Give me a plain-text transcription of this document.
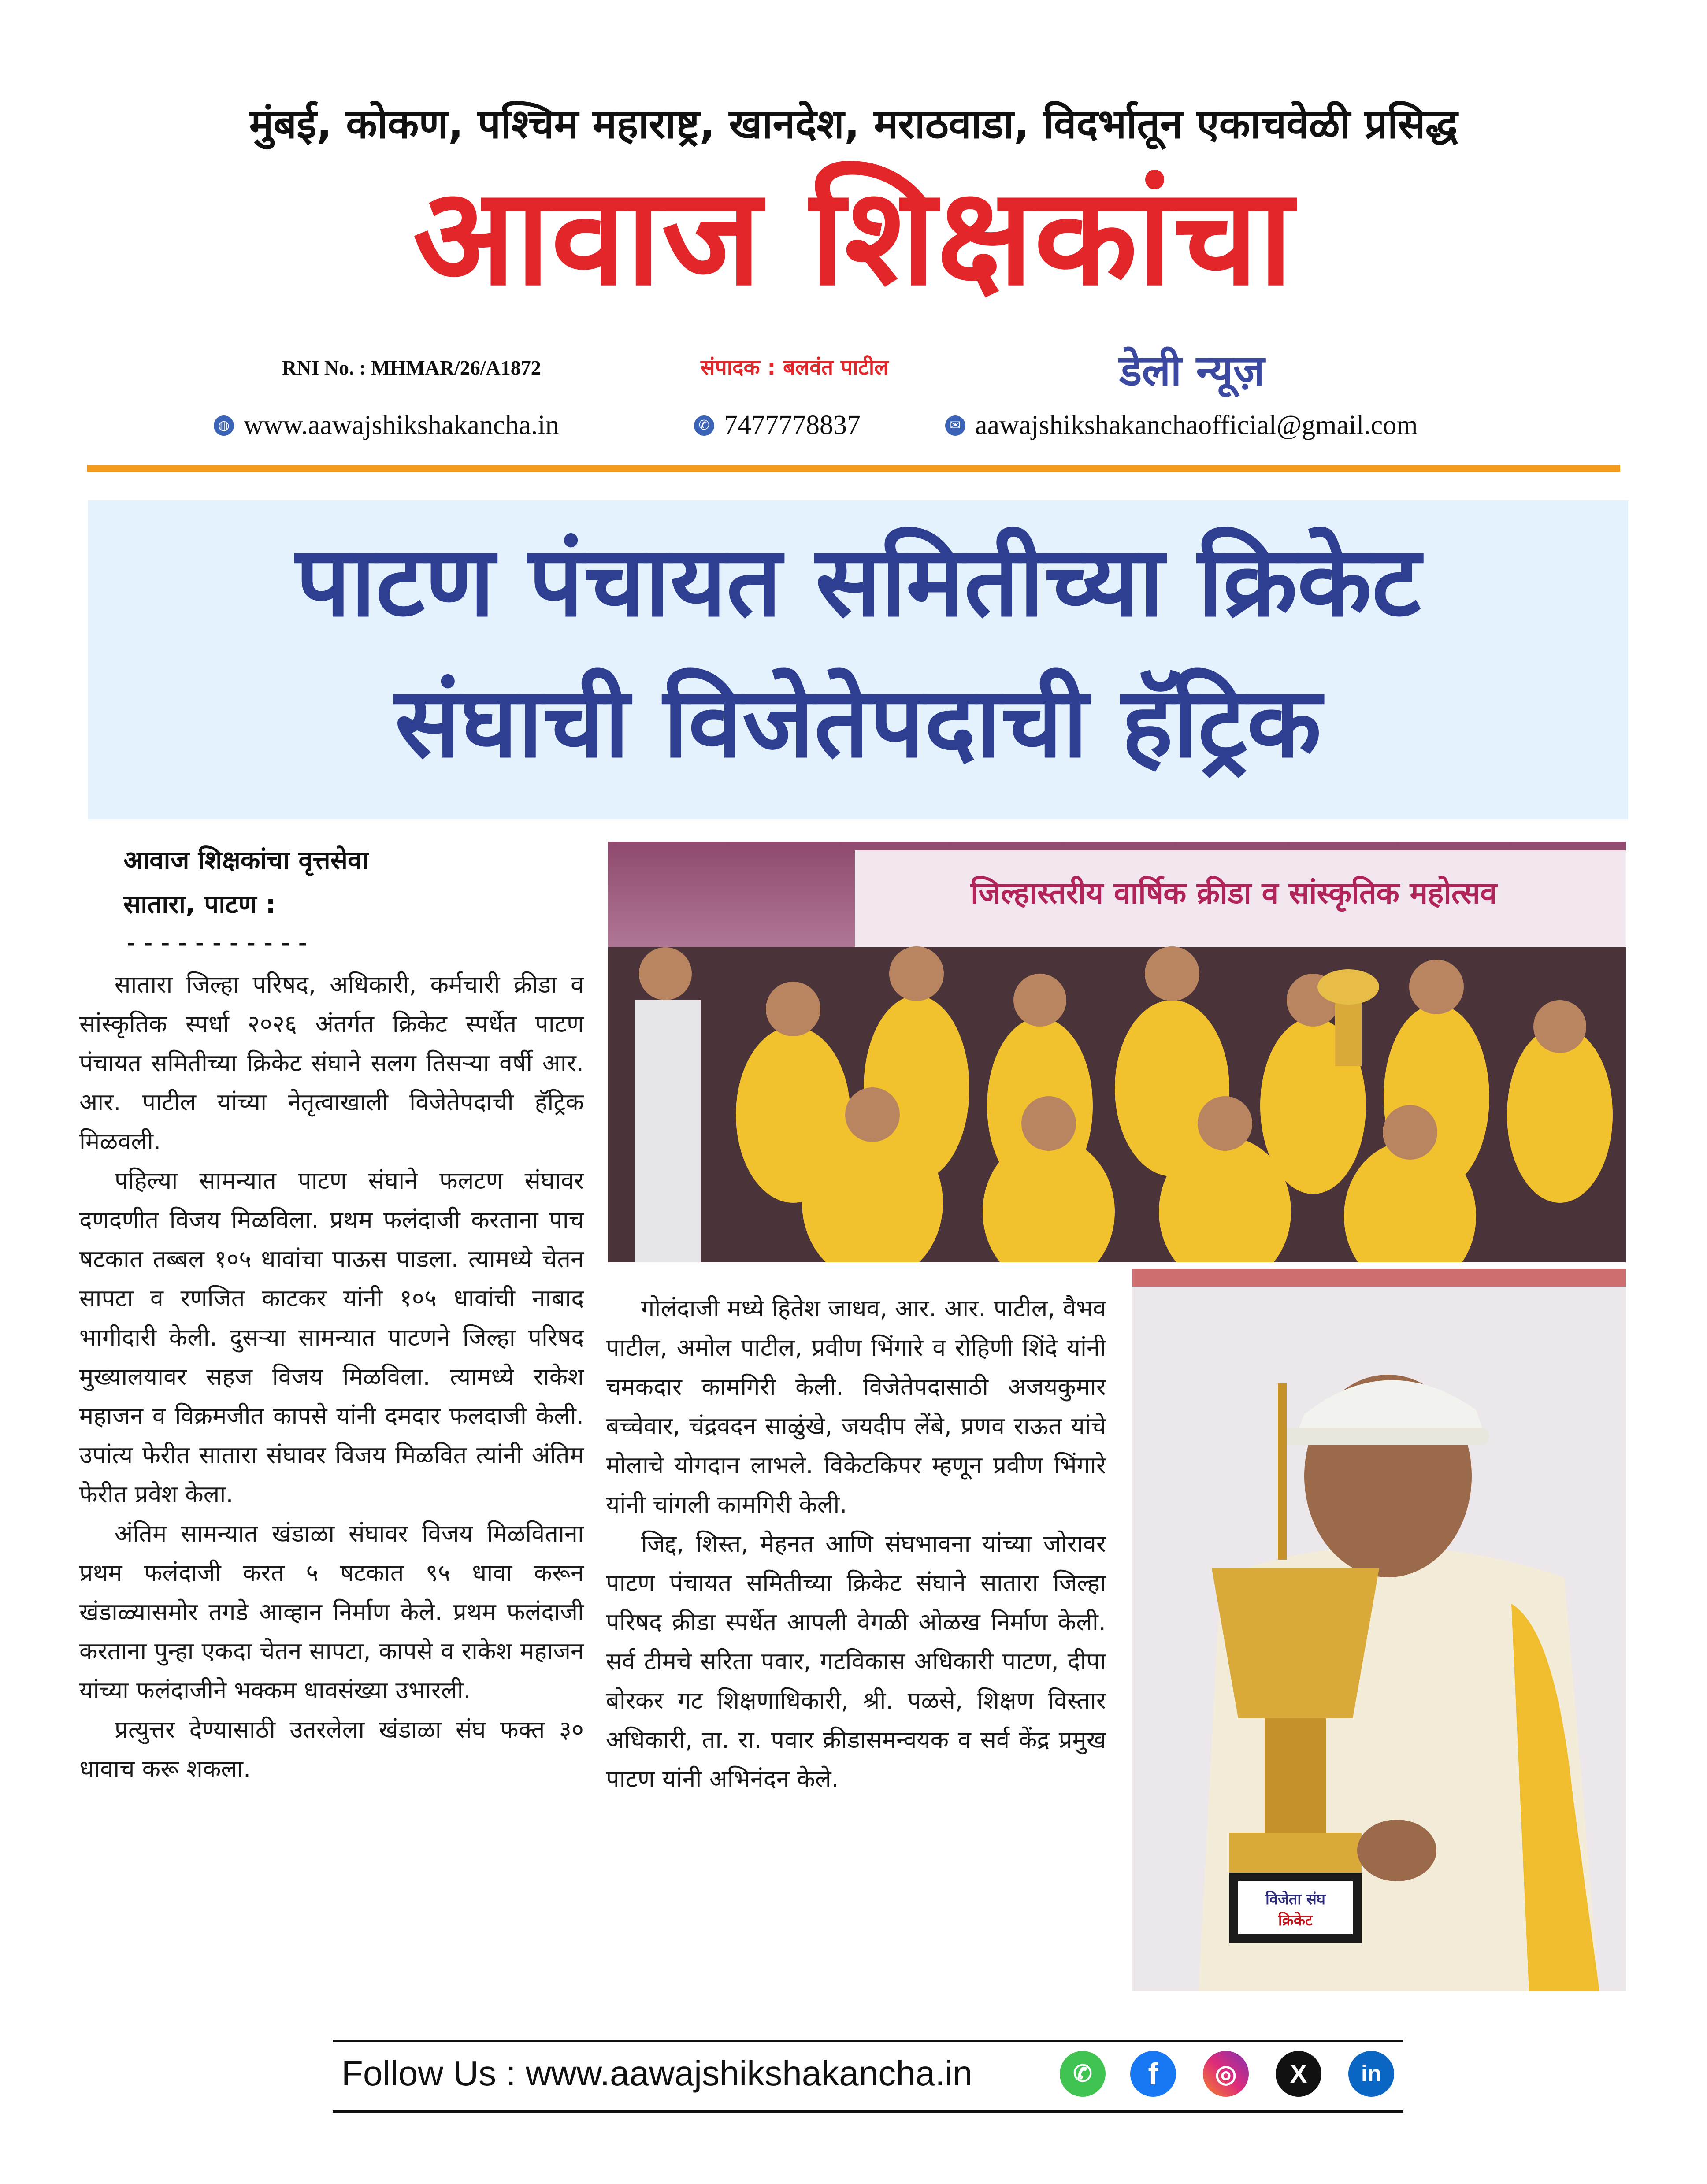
मुंबई, कोकण, पश्चिम महाराष्ट्र, खानदेश, मराठवाडा, विदर्भातून एकाचवेळी प्रसिद्ध
आवाज शिक्षकांचा
RNI No. : MHMAR/26/A1872	संपादक : बलवंत पाटील	डेली न्यूज़
◍ www.aawajshikshakancha.in	✆ 7477778837	✉ aawajshikshakanchaofficial@gmail.com
पाटण पंचायत समितीच्या क्रिकेट
संघाची विजेतेपदाची हॅट्रिक
आवाज शिक्षकांचा वृत्तसेवा
सातारा, पाटण :
-----------

सातारा जिल्हा परिषद, अधिकारी, कर्मचारी क्रीडा व सांस्कृतिक स्पर्धा २०२६ अंतर्गत क्रिकेट स्पर्धेत पाटण पंचायत समितीच्या क्रिकेट संघाने सलग तिसऱ्या वर्षी आर. आर. पाटील यांच्या नेतृत्वाखाली विजेतेपदाची हॅट्रिक मिळवली.

पहिल्या सामन्यात पाटण संघाने फलटण संघावर दणदणीत विजय मिळविला. प्रथम फलंदाजी करताना पाच षटकात तब्बल १०५ धावांचा पाऊस पाडला. त्यामध्ये चेतन सापटा व रणजित काटकर यांनी १०५ धावांची नाबाद भागीदारी केली. दुसऱ्या सामन्यात पाटणने जिल्हा परिषद मुख्यालयावर सहज विजय मिळविला. त्यामध्ये राकेश महाजन व विक्रमजीत कापसे यांनी दमदार फलदाजी केली. उपांत्य फेरीत सातारा संघावर विजय मिळवित त्यांनी अंतिम फेरीत प्रवेश केला.

अंतिम सामन्यात खंडाळा संघावर विजय मिळविताना प्रथम फलंदाजी करत ५ षटकात ९५ धावा करून खंडाळ्यासमोर तगडे आव्हान निर्माण केले. प्रथम फलंदाजी करताना पुन्हा एकदा चेतन सापटा, कापसे व राकेश महाजन यांच्या फलंदाजीने भक्कम धावसंख्या उभारली.

प्रत्युत्तर देण्यासाठी उतरलेला खंडाळा संघ फक्त ३० धावाच करू शकला.

गोलंदाजी मध्ये हितेश जाधव, आर. आर. पाटील, वैभव पाटील, अमोल पाटील, प्रवीण भिंगारे व रोहिणी शिंदे यांनी चमकदार कामगिरी केली. विजेतेपदासाठी अजयकुमार बच्चेवार, चंद्रवदन साळुंखे, जयदीप लेंबे, प्रणव राऊत यांचे मोलाचे योगदान लाभले. विकेटकिपर म्हणून प्रवीण भिंगारे यांनी चांगली कामगिरी केली.

जिद्द, शिस्त, मेहनत आणि संघभावना यांच्या जोरावर पाटण पंचायत समितीच्या क्रिकेट संघाने सातारा जिल्हा परिषद क्रीडा स्पर्धेत आपली वेगळी ओळख निर्माण केली. सर्व टीमचे सरिता पवार, गटविकास अधिकारी पाटण, दीपा बोरकर गट शिक्षणाधिकारी, श्री. पळसे, शिक्षण विस्तार अधिकारी, ता. रा. पवार क्रीडासमन्वयक व सर्व केंद्र प्रमुख पाटण यांनी अभिनंदन केले.

जिल्हास्तरीय वार्षिक क्रीडा व सांस्कृतिक महोत्सव
विजेता संघ
क्रिकेट
Follow Us : www.aawajshikshakancha.in	✆	f	◎	X	in
